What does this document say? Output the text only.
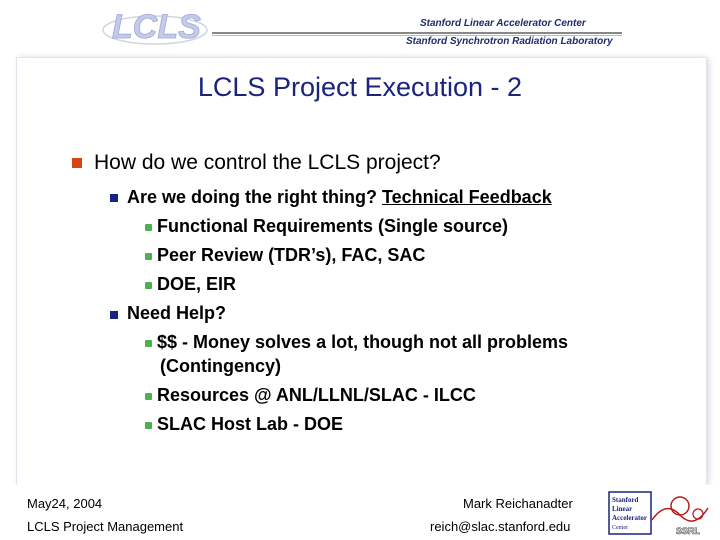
LCLS	Stanford Linear Accelerator Center
Stanford Synchrotron Radiation Laboratory
LCLS Project Execution - 2
How do we control the LCLS project?
Are we doing the right thing? Technical Feedback
Functional Requirements (Single source)
Peer Review (TDR’s), FAC, SAC
DOE, EIR
Need Help?
$$ - Money solves a lot, though not all problems
(Contingency)
Resources @ ANL/LLNL/SLAC - ILCC
SLAC Host Lab - DOE
May24, 2004	Mark Reichanadter
LCLS Project Management	reich@slac.stanford.edu
Stanford
Linear
Accelerator
Center	SSRL
